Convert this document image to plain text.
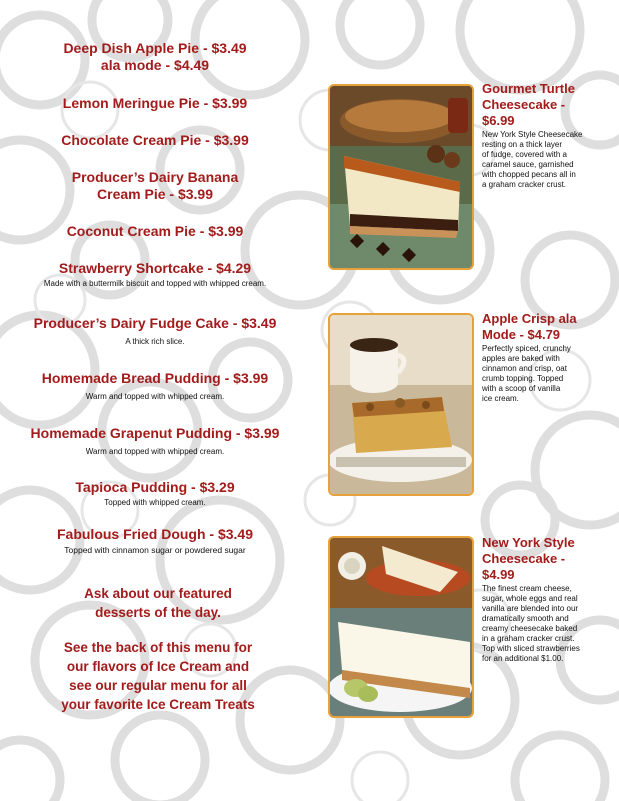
Deep Dish Apple Pie - $3.49
ala mode - $4.49
Lemon Meringue Pie - $3.99
Chocolate Cream Pie - $3.99
Producer’s Dairy Banana
Cream Pie - $3.99
Coconut Cream Pie - $3.99
Strawberry Shortcake - $4.29
Made with a buttermilk biscuit and topped with whipped cream.
Producer’s Dairy Fudge Cake - $3.49
A thick rich slice.
Homemade Bread Pudding - $3.99
Warm and topped with whipped cream.
Homemade Grapenut Pudding - $3.99
Warm and topped with whipped cream.
Tapioca Pudding - $3.29
Topped with whipped cream.
Fabulous Fried Dough - $3.49
Topped with cinnamon sugar or powdered sugar
Ask about our featured
desserts of the day.
See the back of this menu for
our flavors of Ice Cream and
see our regular menu for all
your favorite Ice Cream Treats
Gourmet Turtle
Cheesecake -
$6.99
New York Style Cheesecake
resting on a thick layer
of fudge, covered with a
caramel sauce, garnished
with chopped pecans all in
a graham cracker crust.
Apple Crisp ala
Mode - $4.79
Perfectly spiced, crunchy
apples are baked with
cinnamon and crisp, oat
crumb topping. Topped
with a scoop of vanilla
ice cream.
New York Style
Cheesecake -
$4.99
The finest cream cheese,
sugar, whole eggs and real
vanilla are blended into our
dramatically smooth and
creamy cheesecake baked
in a graham cracker crust.
Top with sliced strawberries
for an additional $1.00.
